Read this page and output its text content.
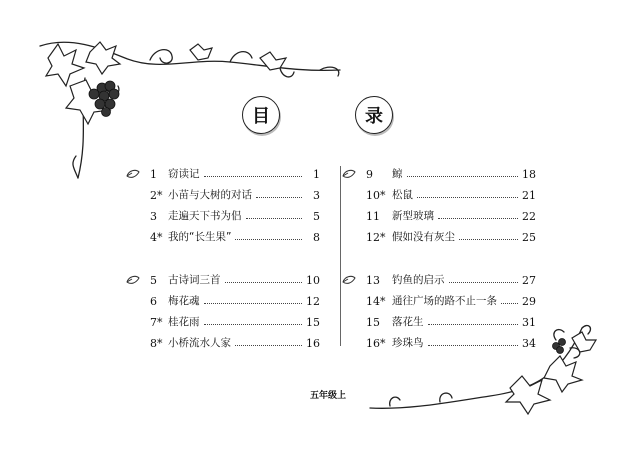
目	录
1	窃读记	1
2* 小苗与大树的对话	3
3	走遍天下书为侣	5
4* 我的“长生果”	8
5	古诗词三首	10
6	梅花魂	12
7* 桂花雨	15
8* 小桥流水人家	16
9	鲸	18
10* 松鼠	21
11	新型玻璃	22
12* 假如没有灰尘	25
13	钓鱼的启示	27
14* 通往广场的路不止一条 29
15	落花生	31
16* 珍珠鸟	34
五年级上
